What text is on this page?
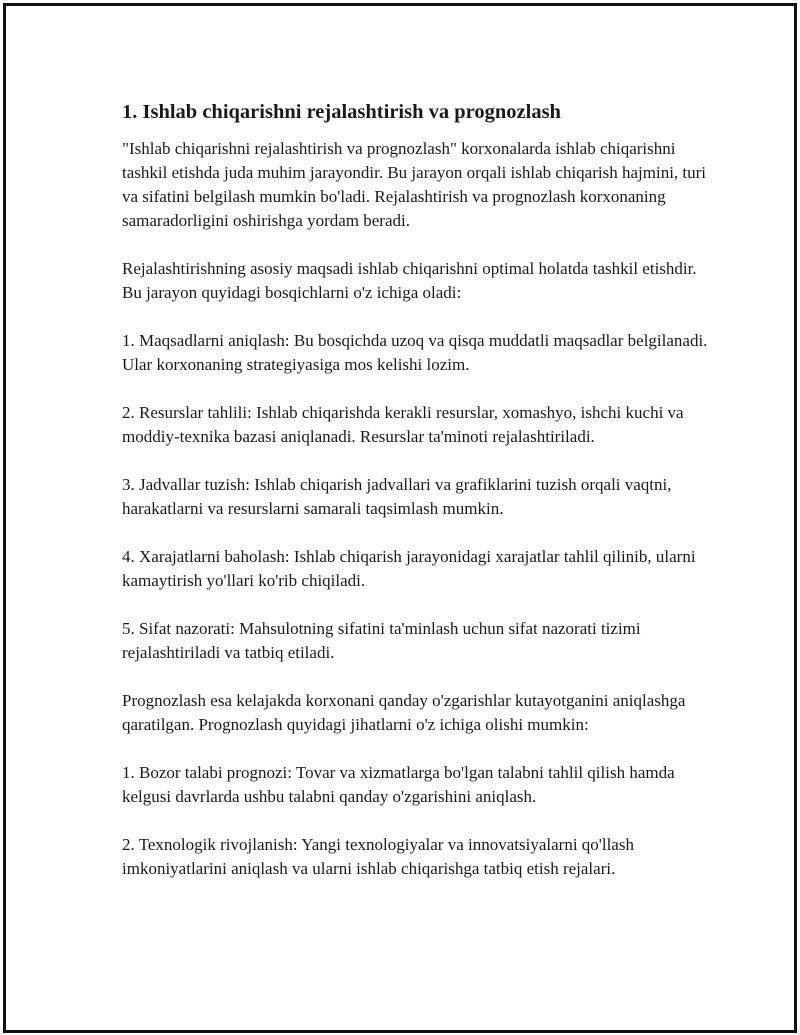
1. Ishlab chiqarishni rejalashtirish va prognozlash

"Ishlab chiqarishni rejalashtirish va prognozlash" korxonalarda ishlab chiqarishni tashkil etishda juda muhim jarayondir. Bu jarayon orqali ishlab chiqarish hajmini, turi va sifatini belgilash mumkin bo'ladi. Rejalashtirish va prognozlash korxonaning samaradorligini oshirishga yordam beradi.

Rejalashtirishning asosiy maqsadi ishlab chiqarishni optimal holatda tashkil etishdir. Bu jarayon quyidagi bosqichlarni o'z ichiga oladi:

1. Maqsadlarni aniqlash: Bu bosqichda uzoq va qisqa muddatli maqsadlar belgilanadi. Ular korxonaning strategiyasiga mos kelishi lozim.

2. Resurslar tahlili: Ishlab chiqarishda kerakli resurslar, xomashyo, ishchi kuchi va moddiy-texnika bazasi aniqlanadi. Resurslar ta'minoti rejalashtiriladi.

3. Jadvallar tuzish: Ishlab chiqarish jadvallari va grafiklarini tuzish orqali vaqtni, harakatlarni va resurslarni samarali taqsimlash mumkin.

4. Xarajatlarni baholash: Ishlab chiqarish jarayonidagi xarajatlar tahlil qilinib, ularni kamaytirish yo'llari ko'rib chiqiladi.

5. Sifat nazorati: Mahsulotning sifatini ta'minlash uchun sifat nazorati tizimi rejalashtiriladi va tatbiq etiladi.

Prognozlash esa kelajakda korxonani qanday o'zgarishlar kutayotganini aniqlashga qaratilgan. Prognozlash quyidagi jihatlarni o'z ichiga olishi mumkin:

1. Bozor talabi prognozi: Tovar va xizmatlarga bo'lgan talabni tahlil qilish hamda kelgusi davrlarda ushbu talabni qanday o'zgarishini aniqlash.

2. Texnologik rivojlanish: Yangi texnologiyalar va innovatsiyalarni qo'llash imkoniyatlarini aniqlash va ularni ishlab chiqarishga tatbiq etish rejalari.
